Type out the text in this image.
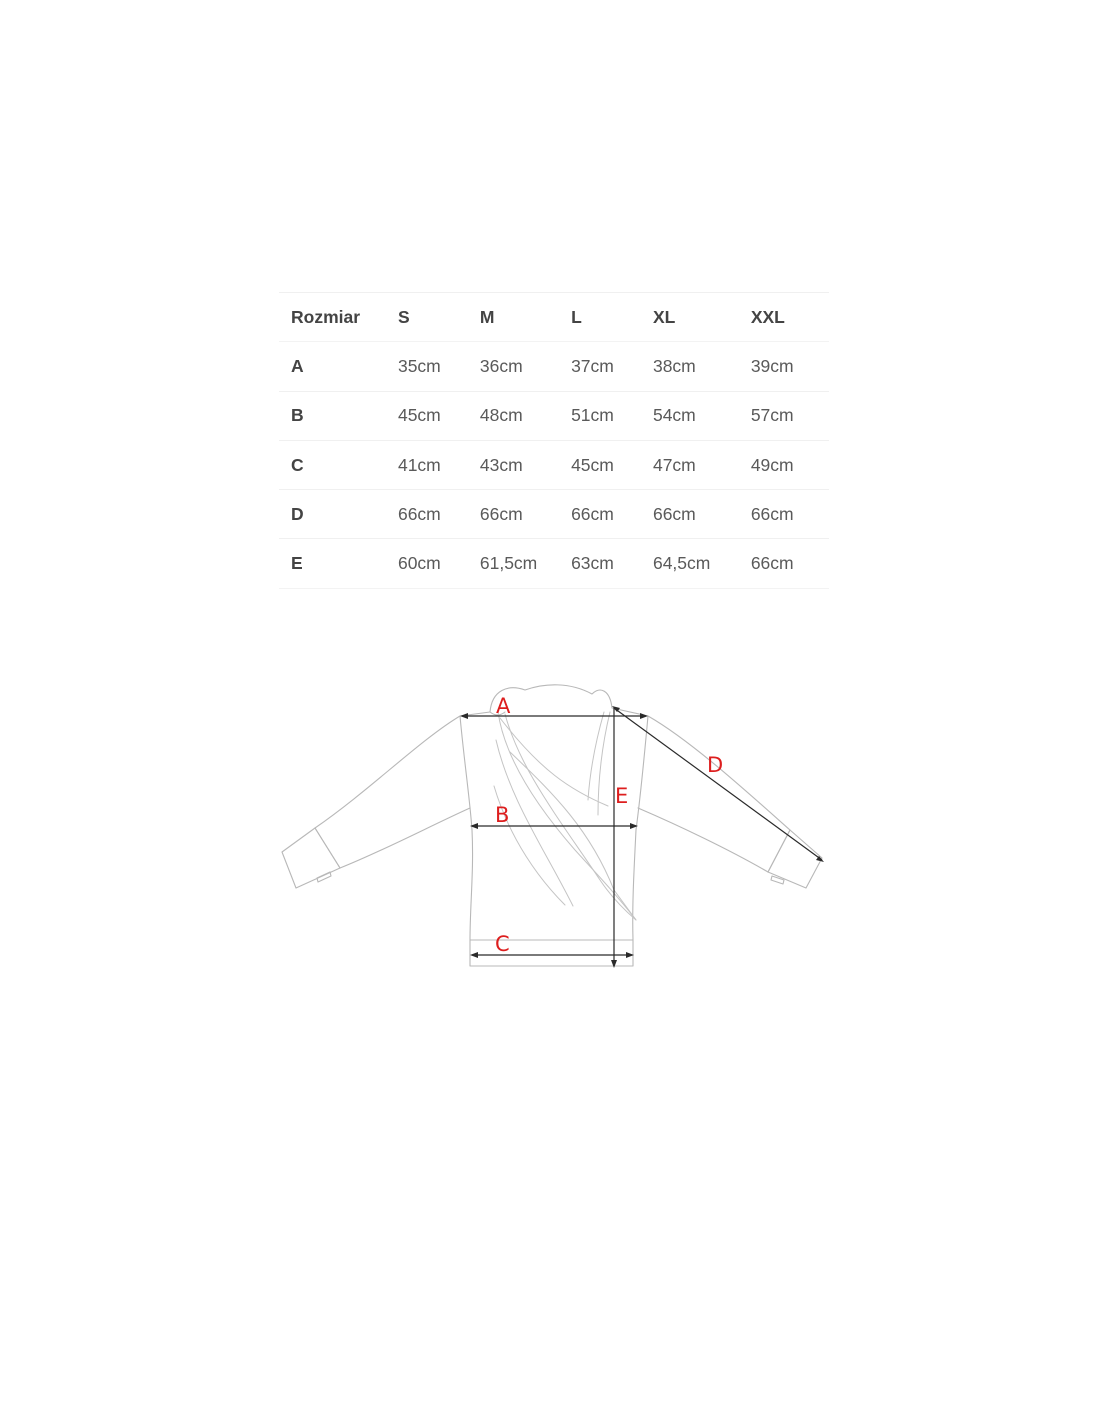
Rozmiar	S	M	L	XL	XXL
A	35cm	36cm	37cm	38cm	39cm
B	45cm	48cm	51cm	54cm	57cm
C	41cm	43cm	45cm	47cm	49cm
D	66cm	66cm	66cm	66cm	66cm
E	60cm	61,5cm	63cm	64,5cm	66cm
A
B
C
D
E
